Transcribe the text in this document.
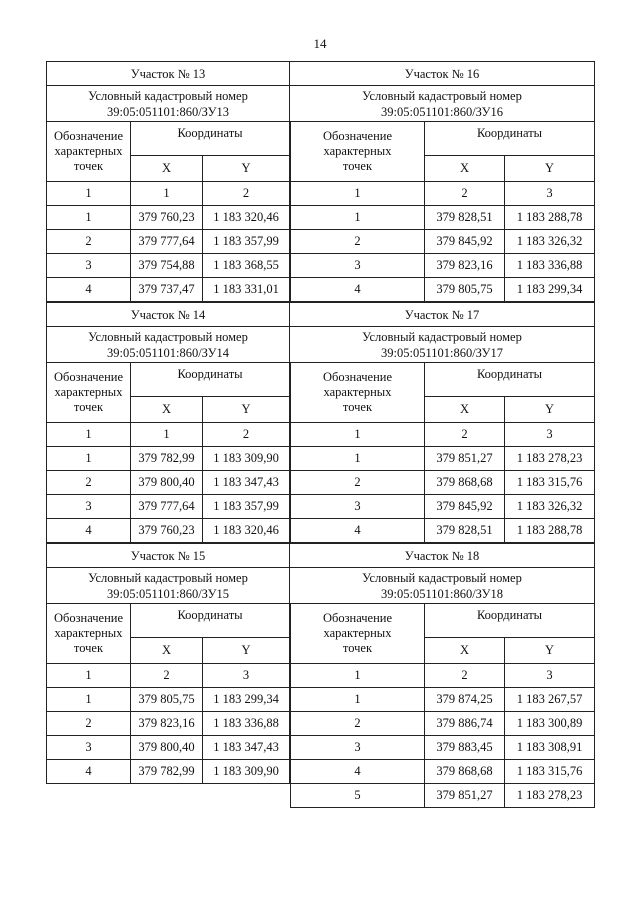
14
Участок № 13
Условный кадастровый номер
39:05:051101:860/ЗУ13
Обозначение характерных точек	Координаты	
	X	Y
1	1	2
1	379 760,23	1 183 320,46
2	379 777,64	1 183 357,99
3	379 754,88	1 183 368,55
4	379 737,47	1 183 331,01
Участок № 14
Условный кадастровый номер
39:05:051101:860/ЗУ14
Обозначение характерных точек	Координаты	
	X	Y
1	1	2
1	379 782,99	1 183 309,90
2	379 800,40	1 183 347,43
3	379 777,64	1 183 357,99
4	379 760,23	1 183 320,46
Участок № 15
Условный кадастровый номер
39:05:051101:860/ЗУ15
Обозначение характерных точек	Координаты	
	X	Y
1	2	3
1	379 805,75	1 183 299,34
2	379 823,16	1 183 336,88
3	379 800,40	1 183 347,43
4	379 782,99	1 183 309,90
Участок № 16
Условный кадастровый номер
39:05:051101:860/ЗУ16
Обозначение характерных точек	Координаты	
	X	Y
1	2	3
1	379 828,51	1 183 288,78
2	379 845,92	1 183 326,32
3	379 823,16	1 183 336,88
4	379 805,75	1 183 299,34
Участок № 17
Условный кадастровый номер
39:05:051101:860/ЗУ17
Обозначение характерных точек	Координаты	
	X	Y
1	2	3
1	379 851,27	1 183 278,23
2	379 868,68	1 183 315,76
3	379 845,92	1 183 326,32
4	379 828,51	1 183 288,78
Участок № 18
Условный кадастровый номер
39:05:051101:860/ЗУ18
Обозначение характерных точек	Координаты	
	X	Y
1	2	3
1	379 874,25	1 183 267,57
2	379 886,74	1 183 300,89
3	379 883,45	1 183 308,91
4	379 868,68	1 183 315,76
5	379 851,27	1 183 278,23
